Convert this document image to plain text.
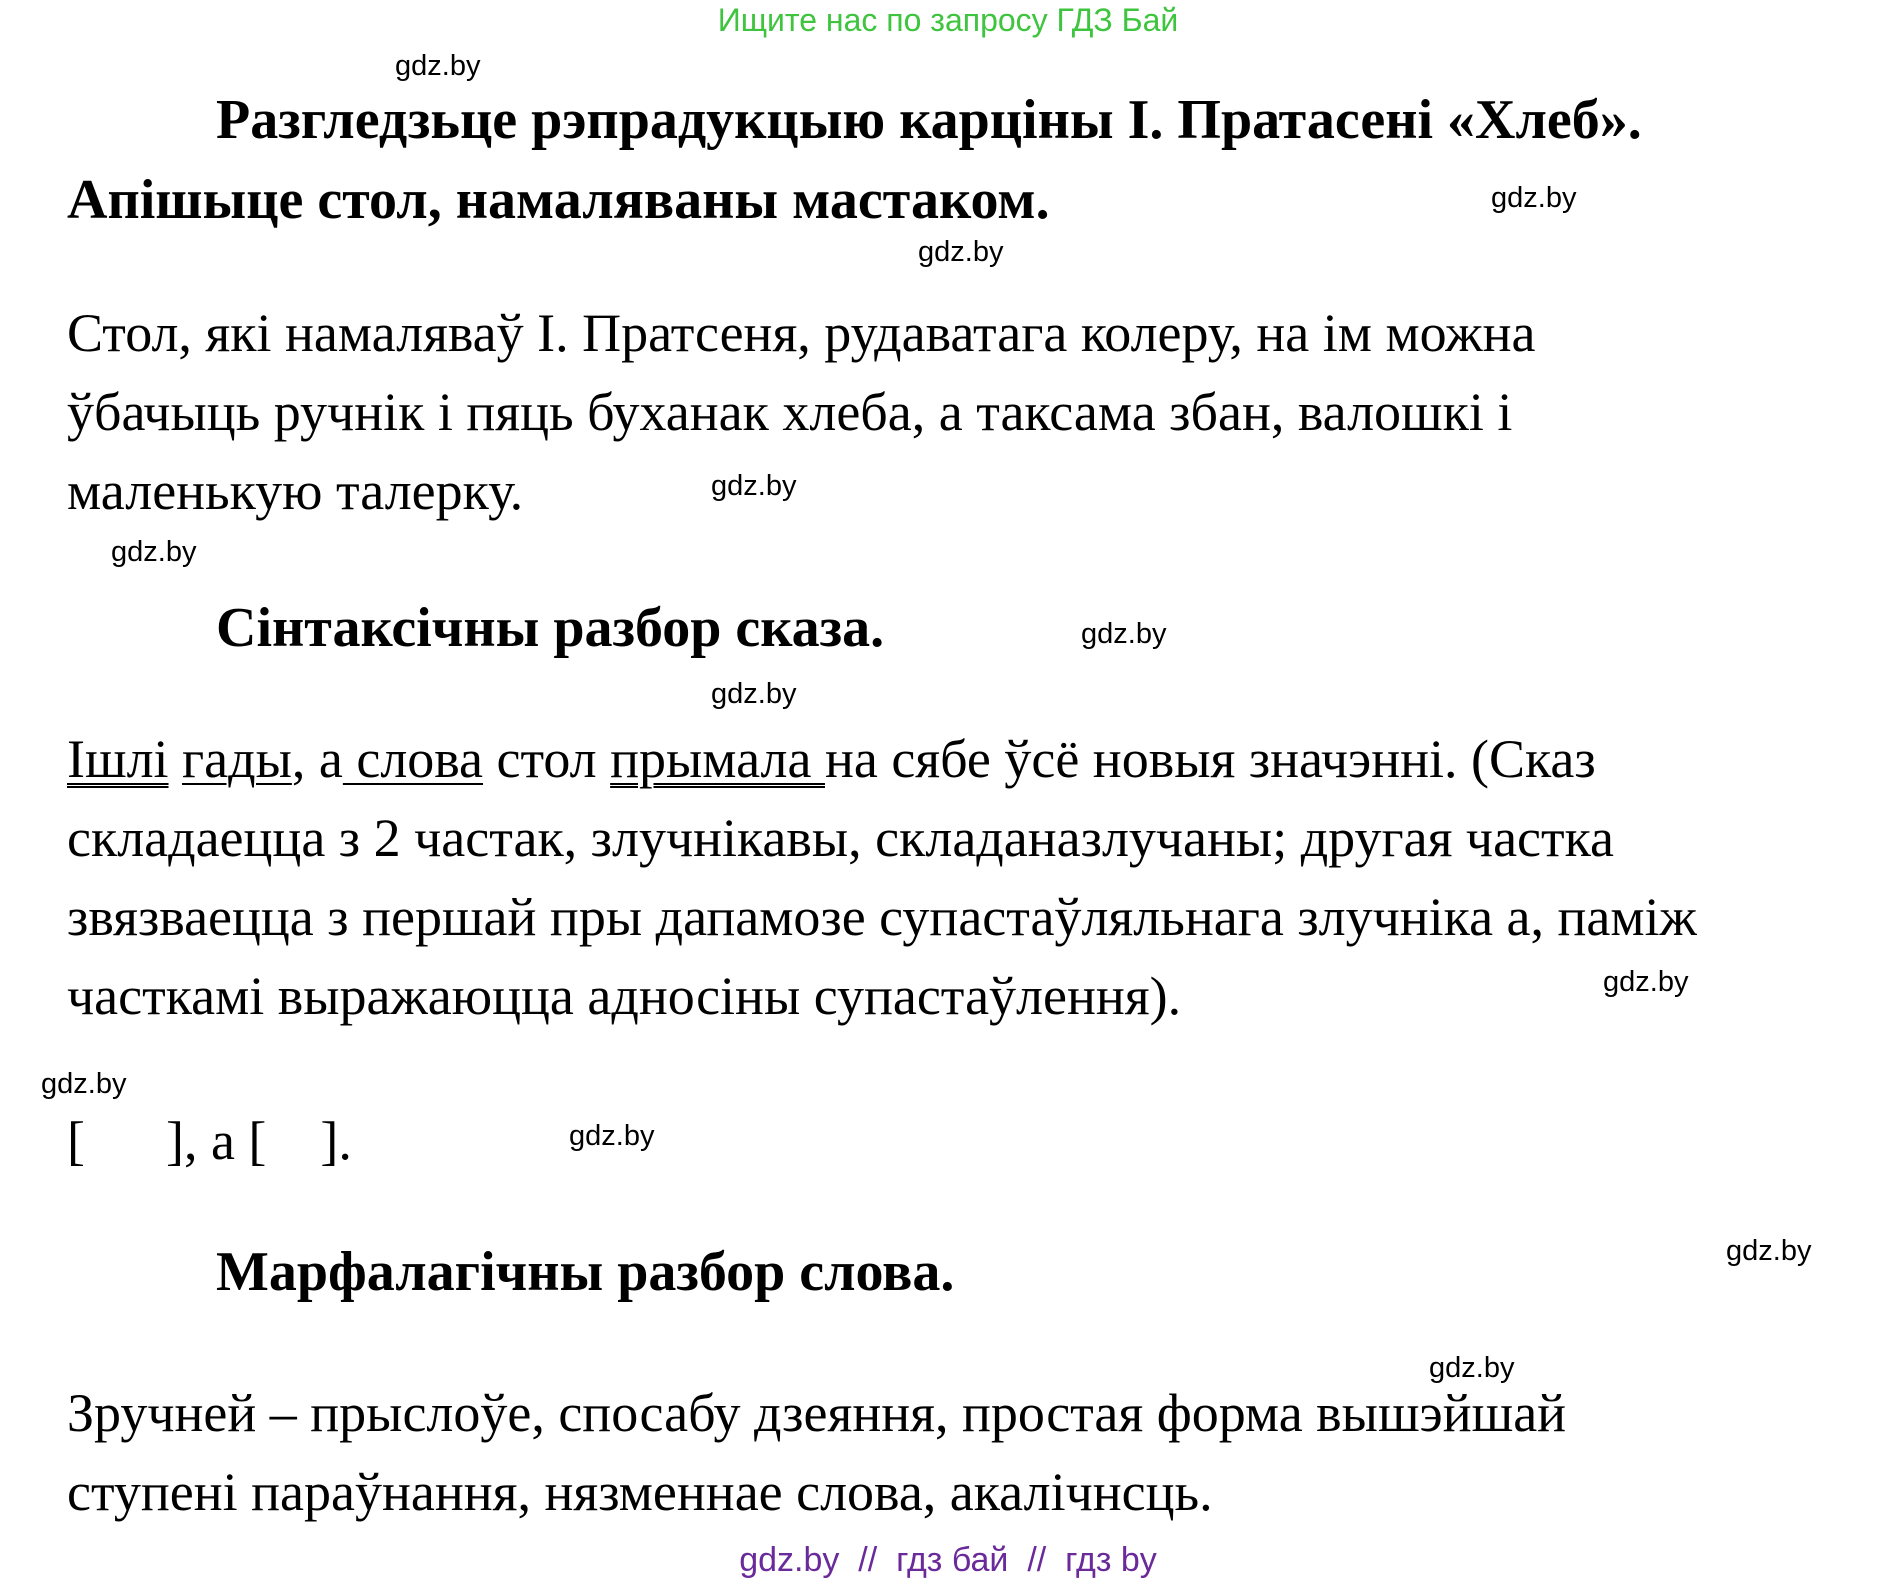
Ищите нас по запросу ГДЗ Бай
gdz.by
gdz.by
gdz.by
gdz.by
gdz.by
gdz.by
gdz.by
gdz.by
gdz.by
gdz.by
gdz.by
gdz.by
Разгледзьце рэпрадукцыю карціны І. Пратасені «Хлеб».
Апішыце стол, намаляваны мастаком.
Стол, які намаляваў І. Пратсеня, рудаватага колеру, на ім можна
ўбачыць ручнік і пяць буханак хлеба, а таксама збан, валошкі і
маленькую талерку.
Сінтаксічны разбор сказа.
Ішлі гады, а слова стол прымала на сябе ўсё новыя значэнні. (Сказ
складаецца з 2 частак, злучнікавы, складаназлучаны; другая частка
звязваецца з першай пры дапамозе супастаўляльнага злучніка а, паміж
часткамі выражаюцца адносіны супастаўлення).
[      ], а [    ].
Марфалагічны разбор слова.
Зручней – прыслоўе, спосабу дзеяння, простая форма вышэйшай
ступені параўнання, нязменнае слова, акалічнсць.
gdz.by  //  гдз бай  //  гдз by
